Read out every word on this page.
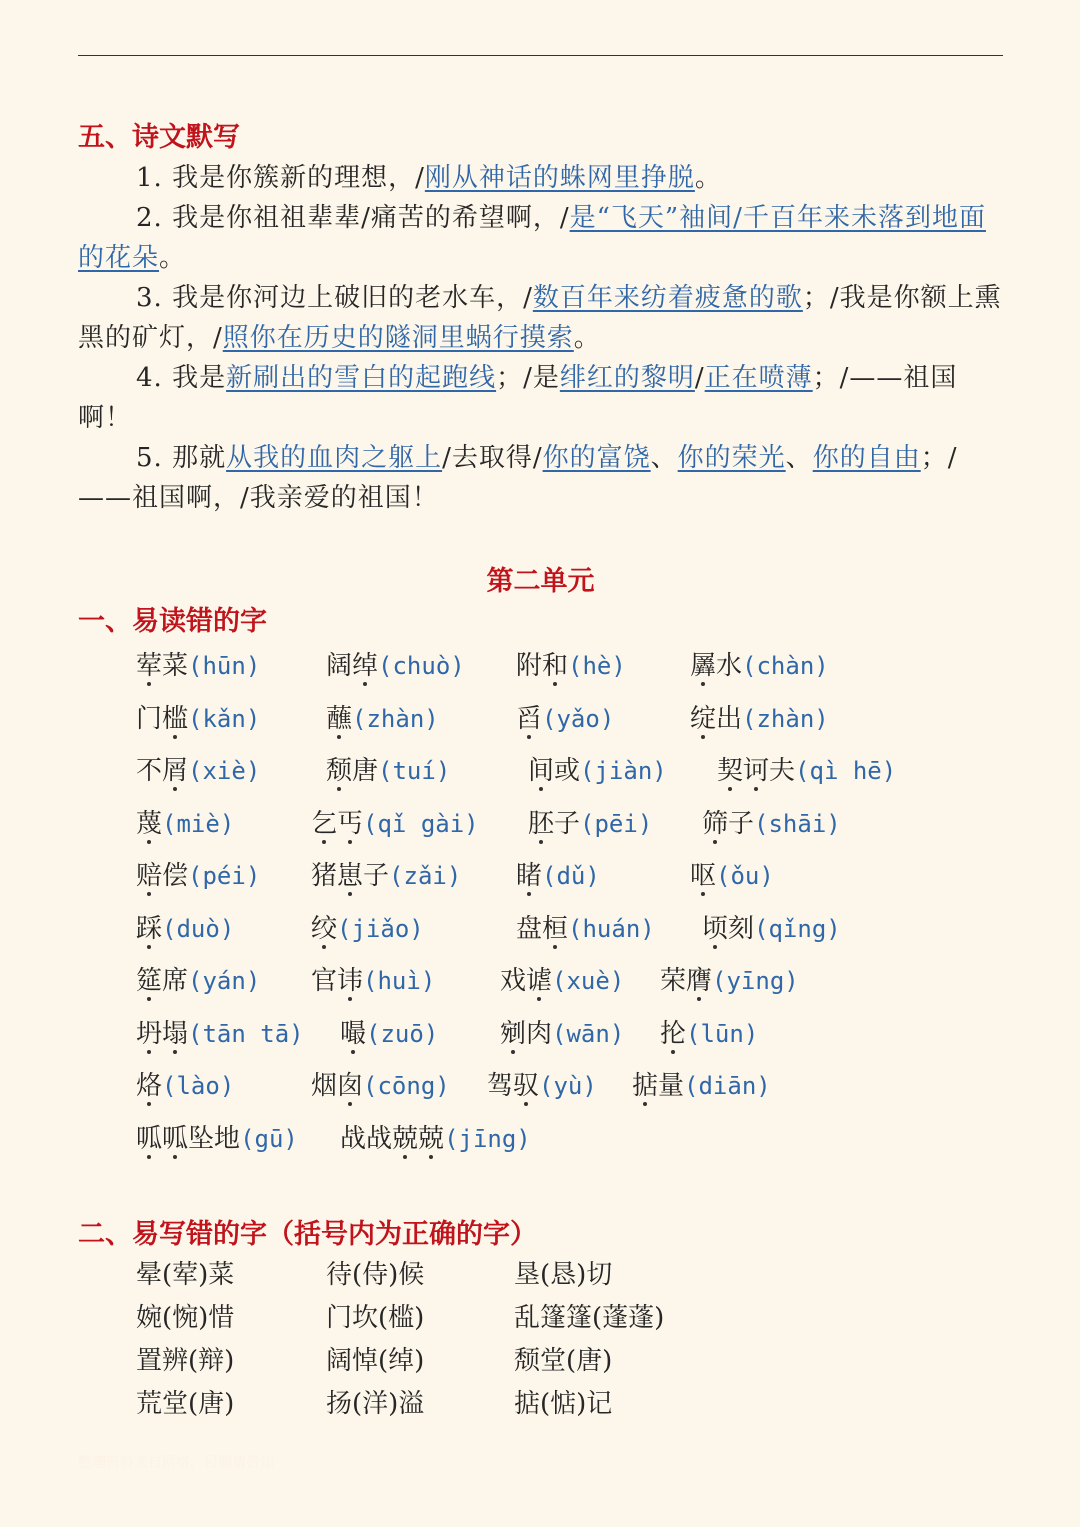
五、诗文默写
1. 我是你簇新的理想，/刚从神话的蛛网里挣脱。
2. 我是你祖祖辈辈/痛苦的希望啊，/是“飞天”袖间/千百年来未落到地面的花朵。
3. 我是你河边上破旧的老水车，/数百年来纺着疲惫的歌；/我是你额上熏黑的矿灯，/照你在历史的隧洞里蜗行摸索。
4. 我是新刷出的雪白的起跑线；/是绯红的黎明/正在喷薄；/——祖国啊！
5. 那就从我的血肉之躯上/去取得/你的富饶、你的荣光、你的自由；/——祖国啊，/我亲爱的祖国！
第二单元
一、易读错的字
荤菜(hūn)	阔绰(chuò) 附和(hè) 羼水(chàn)
门槛(kǎn)	蘸(zhàn)	舀(yǎo)	绽出(zhàn)
不屑(xiè)	颓唐(tuí)	间或(jiàn) 契诃夫(qì hē)
蔑(miè)	乞丐(qǐ gài) 胚子(pēi) 筛子(shāi)
赔偿(péi) 猪崽子(zǎi) 睹(dǔ)	呕(ǒu)
踩(duò)	绞(jiǎo)	盘桓(huán) 顷刻(qǐng)
筵席(yán) 官讳(huì) 戏谑(xuè) 荣膺(yīng)
坍塌(tān tā) 嘬(zuō) 剜肉(wān) 抡(lūn)
烙(lào)	烟囱(cōng) 驾驭(yù) 掂量(diān)
呱呱坠地(gū) 战战兢兢(jīng)
二、易写错的字（括号内为正确的字）
晕(荤)菜	待(侍)候	垦(恳)切
婉(惋)惜	门坎(槛)	乱篷篷(蓬蓬)
置辨(辩)	阔悼(绰)	颓堂(唐)
荒堂(唐)	扬(洋)溢	掂(惦)记
整理资料来自网络，侵删请告知
